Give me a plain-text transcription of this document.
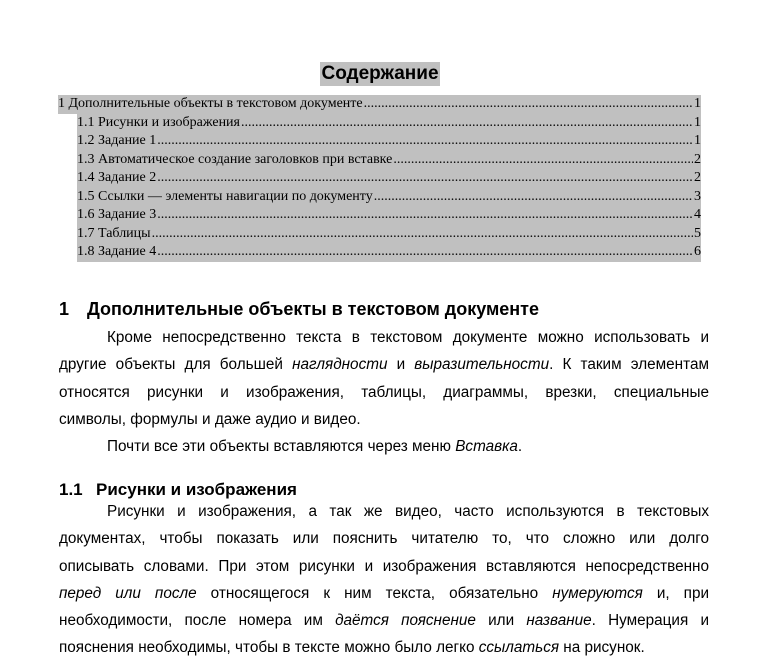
Содержание
1 Дополнительные объекты в текстовом документе .....	1
1.1 Рисунки и изображения .....	1
1.2 Задание 1 .....	1
1.3 Автоматическое создание заголовков при вставке .....	2
1.4 Задание 2 .....	2
1.5 Ссылки — элементы навигации по документу .....	3
1.6 Задание 3 .....	4
1.7 Таблицы .....	5
1.8 Задание 4 .....	6
1 Дополнительные объекты в текстовом документе
Кроме непосредственно текста в текстовом документе можно использовать и
другие объекты для большей наглядности и выразительности. К таким элементам
относятся рисунки и изображения, таблицы, диаграммы, врезки, специальные
символы, формулы и даже аудио и видео.
Почти все эти объекты вставляются через меню Вставка.
1.1 Рисунки и изображения
Рисунки и изображения, а так же видео, часто используются в текстовых
документах, чтобы показать или пояснить читателю то, что сложно или долго
описывать словами. При этом рисунки и изображения вставляются непосредственно
перед или после относящегося к ним текста, обязательно нумеруются и, при
необходимости, после номера им даётся пояснение или название. Нумерация и
пояснения необходимы, чтобы в тексте можно было легко ссылаться на рисунок.
